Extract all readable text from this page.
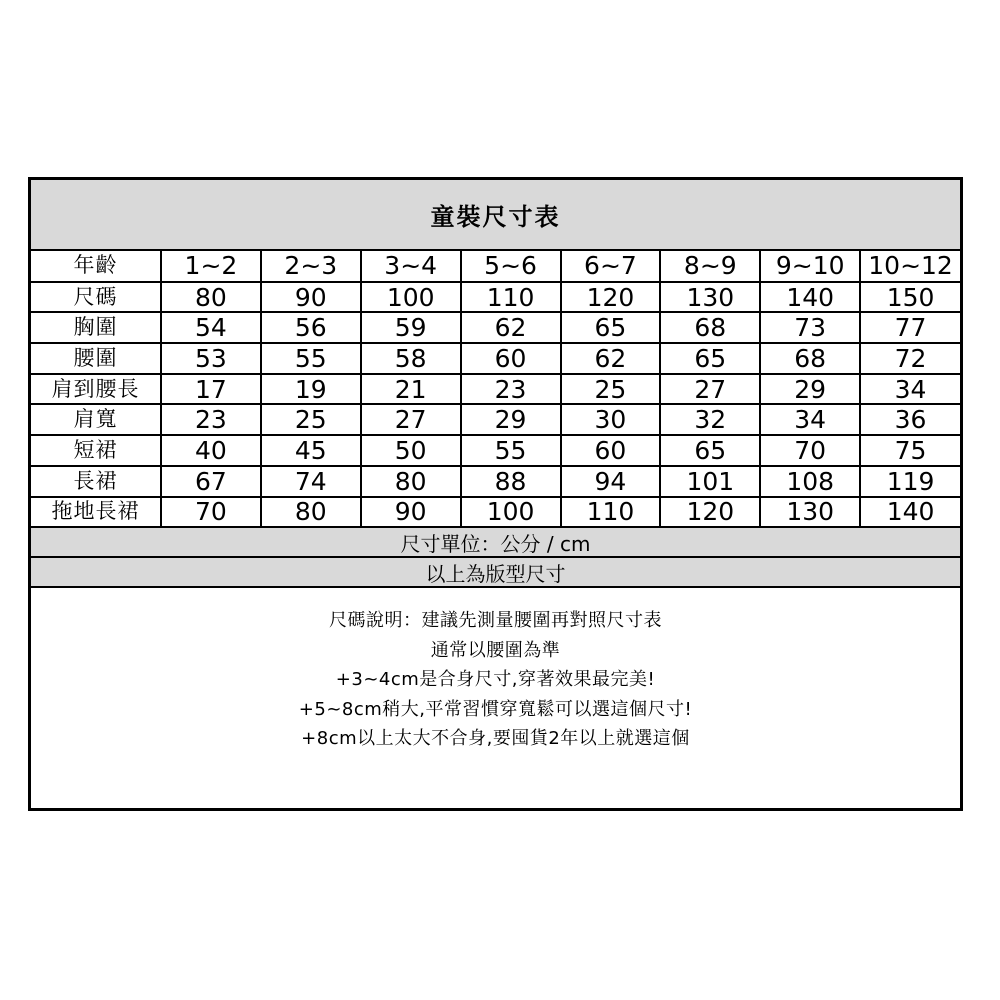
童裝尺寸表
年齡	1~2	2~3	3~4	5~6	6~7	8~9	9~10	10~12
尺碼	80	90	100	110	120	130	140	150
胸圍	54	56	59	62	65	68	73	77
腰圍	53	55	58	60	62	65	68	72
肩到腰長	17	19	21	23	25	27	29	34
肩寬	23	25	27	29	30	32	34	36
短裙	40	45	50	55	60	65	70	75
長裙	67	74	80	88	94	101	108	119
拖地長裙	70	80	90	100	110	120	130	140
尺寸單位：公分 / cm
以上為版型尺寸
尺碼說明：建議先測量腰圍再對照尺寸表
通常以腰圍為準
+3~4cm是合身尺寸,穿著效果最完美!
+5~8cm稍大,平常習慣穿寬鬆可以選這個尺寸!
+8cm以上太大不合身,要囤貨2年以上就選這個
